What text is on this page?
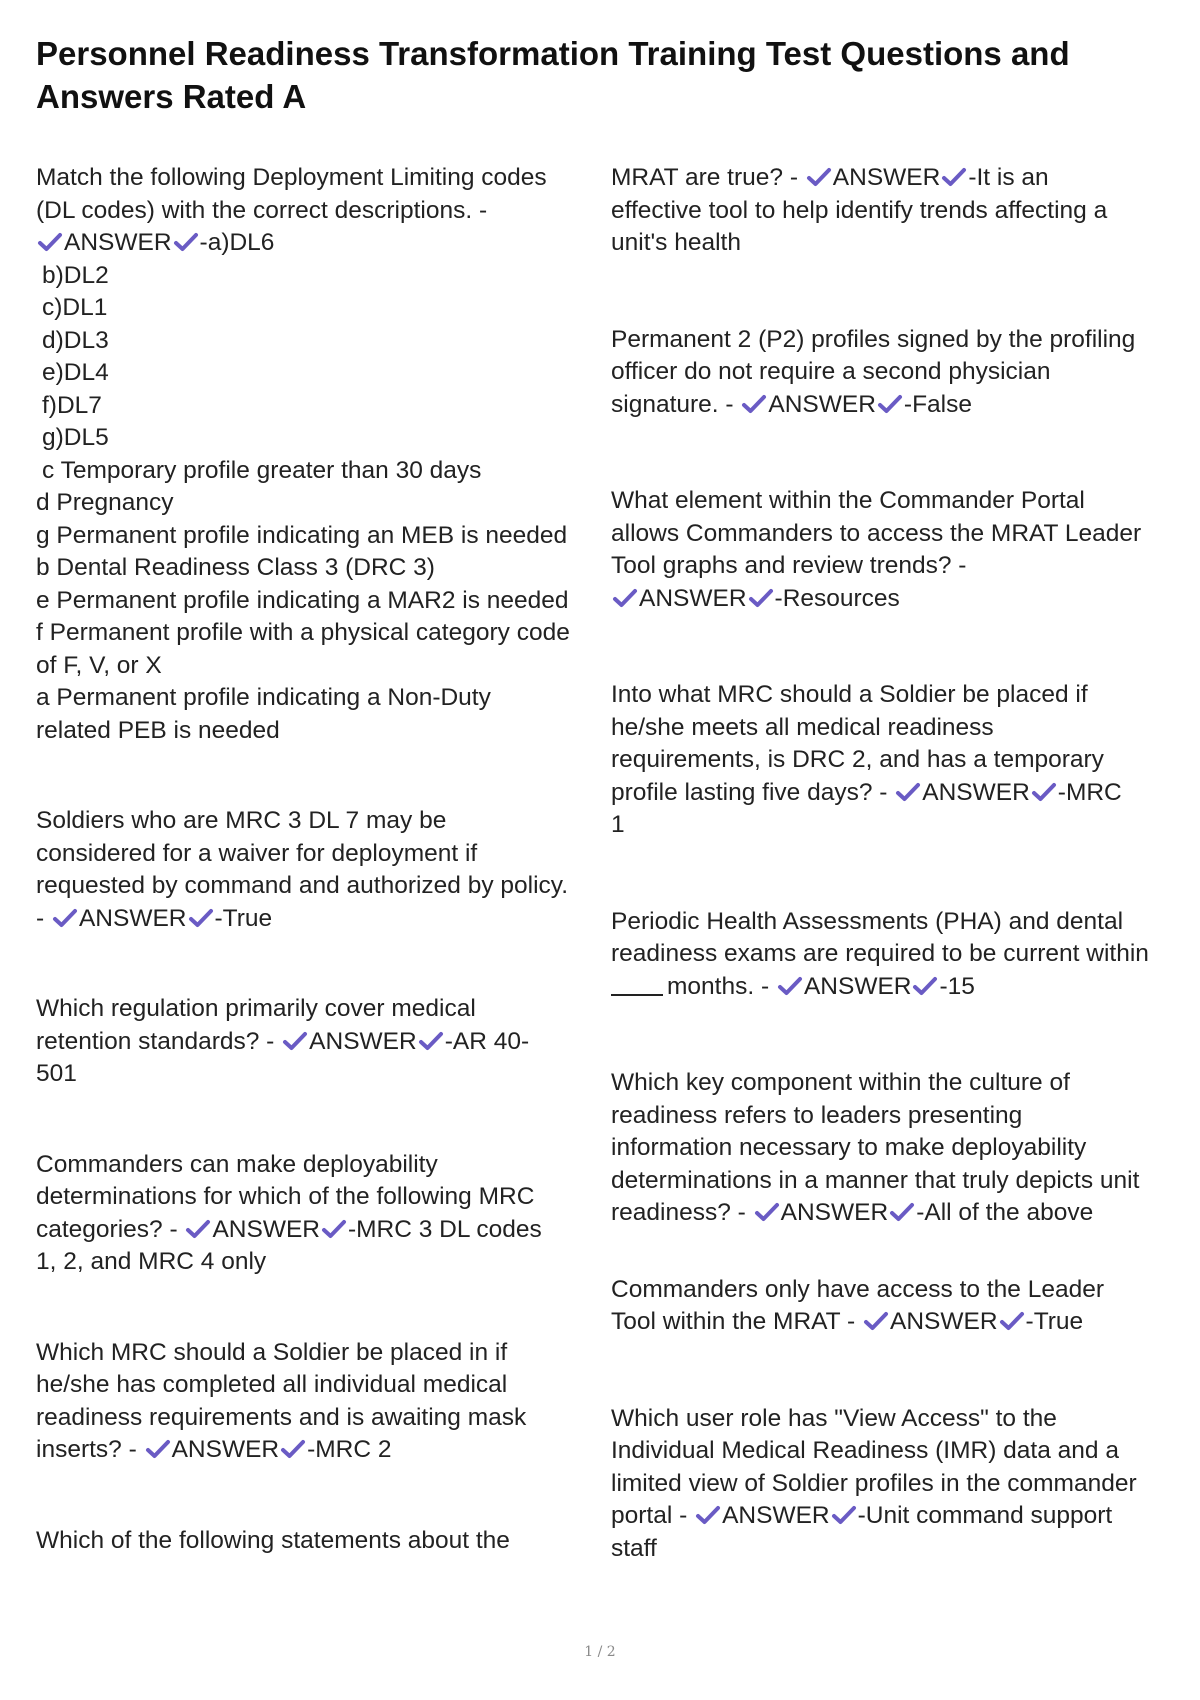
Personnel Readiness Transformation Training Test Questions and Answers Rated A
Match the following Deployment Limiting codes
(DL codes) with the correct descriptions. -
ANSWER -a)DL6
b)DL2
c)DL1
d)DL3
e)DL4
f)DL7
g)DL5
c Temporary profile greater than 30 days
d Pregnancy
g Permanent profile indicating an MEB is needed
b Dental Readiness Class 3 (DRC 3)
e Permanent profile indicating a MAR2 is needed
f Permanent profile with a physical category code
of F, V, or X
a Permanent profile indicating a Non-Duty
related PEB is needed
Soldiers who are MRC 3 DL 7 may be
considered for a waiver for deployment if
requested by command and authorized by policy.
-
ANSWER -True
Which regulation primarily cover medical
retention standards? -
ANSWER -AR 40-
501
Commanders can make deployability
determinations for which of the following MRC
categories? -
ANSWER -MRC 3 DL codes
1, 2, and MRC 4 only
Which MRC should a Soldier be placed in if
he/she has completed all individual medical
readiness requirements and is awaiting mask
inserts? -
ANSWER -MRC 2
Which of the following statements about the
MRAT are true? -
ANSWER -It is an
effective tool to help identify trends affecting a
unit's health
Permanent 2 (P2) profiles signed by the profiling
officer do not require a second physician
signature. -
ANSWER -False
What element within the Commander Portal
allows Commanders to access the MRAT Leader
Tool graphs and review trends? -
ANSWER -Resources
Into what MRC should a Soldier be placed if
he/she meets all medical readiness
requirements, is DRC 2, and has a temporary
profile lasting five days? -
ANSWER -MRC
1
Periodic Health Assessments (PHA) and dental
readiness exams are required to be current within
months. -
ANSWER -15
Which key component within the culture of
readiness refers to leaders presenting
information necessary to make deployability
determinations in a manner that truly depicts unit
readiness? -
ANSWER -All of the above
Commanders only have access to the Leader
Tool within the MRAT -
ANSWER -True
Which user role has "View Access" to the
Individual Medical Readiness (IMR) data and a
limited view of Soldier profiles in the commander
portal -
ANSWER -Unit command support
staff
1 / 2
